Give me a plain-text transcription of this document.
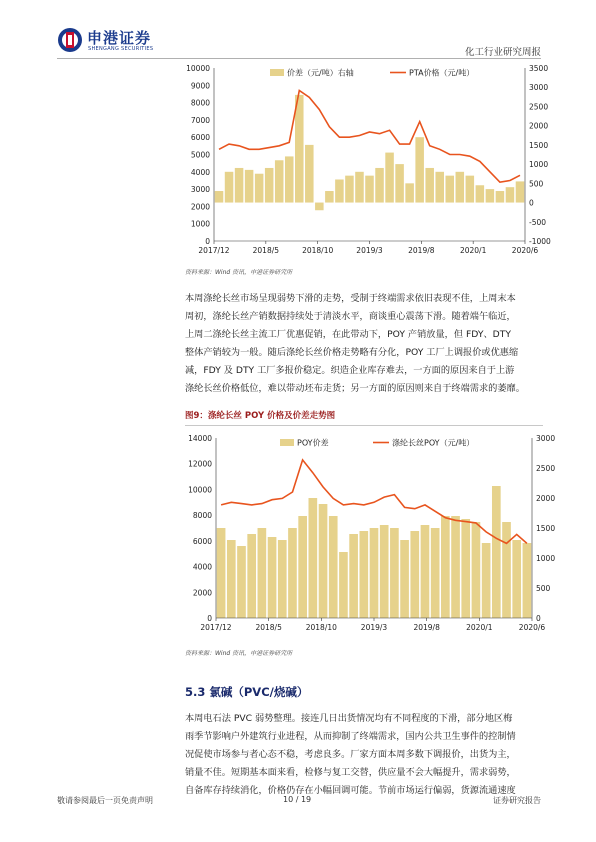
申港证券
SHENGANG SECURITIES	化工行业研究周报
0
1000
2000
3000
4000
5000
6000
7000
8000
9000
10000
-1000
-500
0
500
1000
1500
2000
2500
3000
3500
2017/12	2018/5	2018/10	2019/3	2019/8	2020/1	2020/6
价差（元/吨）右轴	PTA价格（元/吨）
资料来源：Wind 资讯，申港证券研究所
本周涤纶长丝市场呈现弱势下滑的走势，受制于终端需求依旧表现不佳，上周末本
周初，涤纶长丝产销数据持续处于清淡水平，商谈重心震荡下滑。随着端午临近，
上周二涤纶长丝主流工厂优惠促销，在此带动下，POY 产销放量，但 FDY、DTY
整体产销较为一般。随后涤纶长丝价格走势略有分化，POY 工厂上调报价或优惠缩
减，FDY 及 DTY 工厂多报价稳定。织造企业库存难去，一方面的原因来自于上游
涤纶长丝价格低位，难以带动坯布走货；另一方面的原因则来自于终端需求的萎靡。
图9：涤纶长丝 POY 价格及价差走势图
0
2000
4000
6000
8000
10000
12000
14000
0
500
1000
1500
2000
2500
3000
2017/12	2018/5	2018/10	2019/3	2019/8	2020/1	2020/6
POY价差	涤纶长丝POY（元/吨）
资料来源：Wind 资讯，申港证券研究所
5.3 氯碱（PVC/烧碱）
本周电石法 PVC 弱势整理。接连几日出货情况均有不同程度的下滑，部分地区梅
雨季节影响户外建筑行业进程，从而抑制了终端需求，国内公共卫生事件的控制情
况促使市场参与者心态不稳，考虑良多。厂家方面本周多数下调报价，出货为主，
销量不佳。短期基本面来看，检修与复工交替，供应量不会大幅提升，需求弱势，
自备库存持续消化，价格仍存在小幅回调可能。节前市场运行偏弱，货源流通速度
敬请参阅最后一页免责声明	10 / 19	证券研究报告
